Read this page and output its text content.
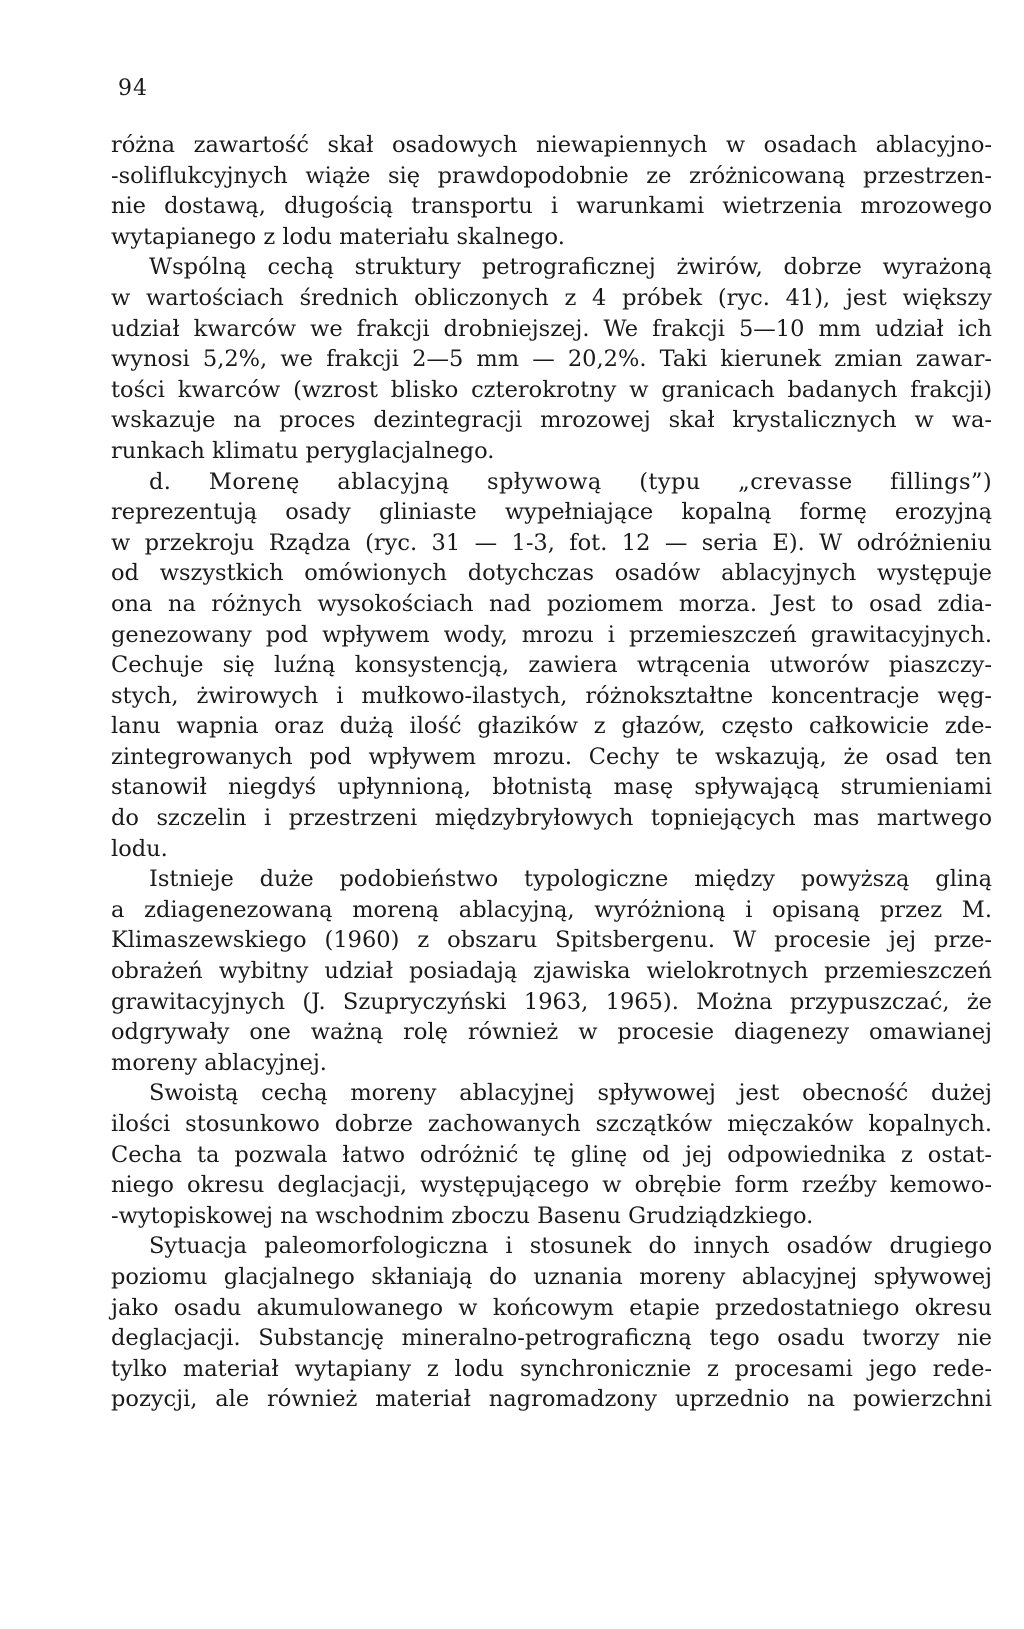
94
różna zawartość skał osadowych niewapiennych w osadach ablacyjno-
-soliflukcyjnych wiąże się prawdopodobnie ze zróżnicowaną przestrzen-
nie dostawą, długością transportu i warunkami wietrzenia mrozowego
wytapianego z lodu materiału skalnego.
Wspólną cechą struktury petrograficznej żwirów, dobrze wyrażoną
w wartościach średnich obliczonych z 4 próbek (ryc. 41), jest większy
udział kwarców we frakcji drobniejszej. We frakcji 5—10 mm udział ich
wynosi 5,2%, we frakcji 2—5 mm — 20,2%. Taki kierunek zmian zawar-
tości kwarców (wzrost blisko czterokrotny w granicach badanych frakcji)
wskazuje na proces dezintegracji mrozowej skał krystalicznych w wa-
runkach klimatu peryglacjalnego.
d. Morenę ablacyjną spływową (typu „crevasse fillings”)
reprezentują osady gliniaste wypełniające kopalną formę erozyjną
w przekroju Rządza (ryc. 31 — 1-3, fot. 12 — seria E). W odróżnieniu
od wszystkich omówionych dotychczas osadów ablacyjnych występuje
ona na różnych wysokościach nad poziomem morza. Jest to osad zdia-
genezowany pod wpływem wody, mrozu i przemieszczeń grawitacyjnych.
Cechuje się luźną konsystencją, zawiera wtrącenia utworów piaszczy-
stych, żwirowych i mułkowo-ilastych, różnokształtne koncentracje węg-
lanu wapnia oraz dużą ilość głazików z głazów, często całkowicie zde-
zintegrowanych pod wpływem mrozu. Cechy te wskazują, że osad ten
stanowił niegdyś upłynnioną, błotnistą masę spływającą strumieniami
do szczelin i przestrzeni międzybryłowych topniejących mas martwego
lodu.
Istnieje duże podobieństwo typologiczne między powyższą gliną
a zdiagenezowaną moreną ablacyjną, wyróżnioną i opisaną przez M.
Klimaszewskiego (1960) z obszaru Spitsbergenu. W procesie jej prze-
obrażeń wybitny udział posiadają zjawiska wielokrotnych przemieszczeń
grawitacyjnych (J. Szupryczyński 1963, 1965). Można przypuszczać, że
odgrywały one ważną rolę również w procesie diagenezy omawianej
moreny ablacyjnej.
Swoistą cechą moreny ablacyjnej spływowej jest obecność dużej
ilości stosunkowo dobrze zachowanych szczątków mięczaków kopalnych.
Cecha ta pozwala łatwo odróżnić tę glinę od jej odpowiednika z ostat-
niego okresu deglacjacji, występującego w obrębie form rzeźby kemowo-
-wytopiskowej na wschodnim zboczu Basenu Grudziądzkiego.
Sytuacja paleomorfologiczna i stosunek do innych osadów drugiego
poziomu glacjalnego skłaniają do uznania moreny ablacyjnej spływowej
jako osadu akumulowanego w końcowym etapie przedostatniego okresu
deglacjacji. Substancję mineralno-petrograficzną tego osadu tworzy nie
tylko materiał wytapiany z lodu synchronicznie z procesami jego rede-
pozycji, ale również materiał nagromadzony uprzednio na powierzchni
